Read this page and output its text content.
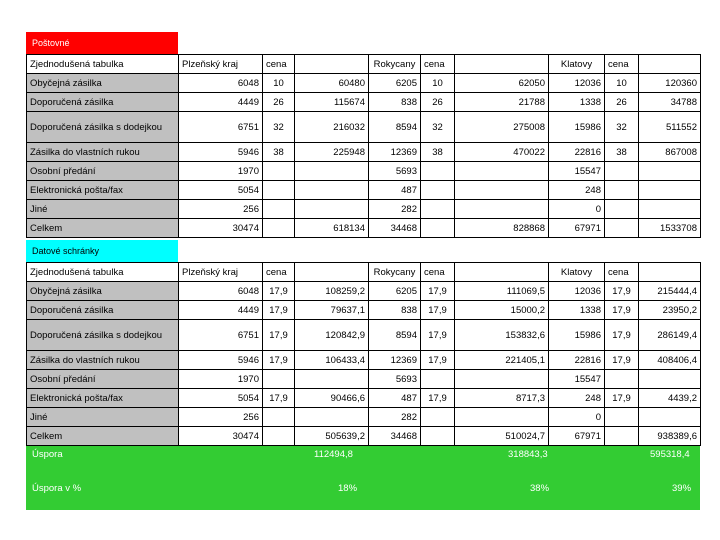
Poštovné
Zjednodušená tabulka	Plzeňský kraj	cena		Rokycany	cena		Klatovy	cena	
Obyčejná zásilka	6048	10	60480	6205	10	62050	12036	10	120360
Doporučená zásilka	4449	26	115674	838	26	21788	1338	26	34788
Doporučená zásilka s dodejkou	6751	32	216032	8594	32	275008	15986	32	511552
Zásilka do vlastních rukou	5946	38	225948	12369	38	470022	22816	38	867008
Osobní předání	1970			5693			15547		
Elektronická pošta/fax	5054			487			248		
Jiné	256			282			0		
Celkem	30474		618134	34468		828868	67971		1533708
Datové schránky
Zjednodušená tabulka	Plzeňský kraj	cena		Rokycany	cena		Klatovy	cena	
Obyčejná zásilka	6048	17,9	108259,2	6205	17,9	111069,5	12036	17,9	215444,4
Doporučená zásilka	4449	17,9	79637,1	838	17,9	15000,2	1338	17,9	23950,2
Doporučená zásilka s dodejkou	6751	17,9	120842,9	8594	17,9	153832,6	15986	17,9	286149,4
Zásilka do vlastních rukou	5946	17,9	106433,4	12369	17,9	221405,1	22816	17,9	408406,4
Osobní předání	1970			5693			15547		
Elektronická pošta/fax	5054	17,9	90466,6	487	17,9	8717,3	248	17,9	4439,2
Jiné	256			282			0		
Celkem	30474		505639,2	34468		510024,7	67971		938389,6
Úspora	112494,8	318843,3	595318,4
Úspora v %	18%	38%	39%
